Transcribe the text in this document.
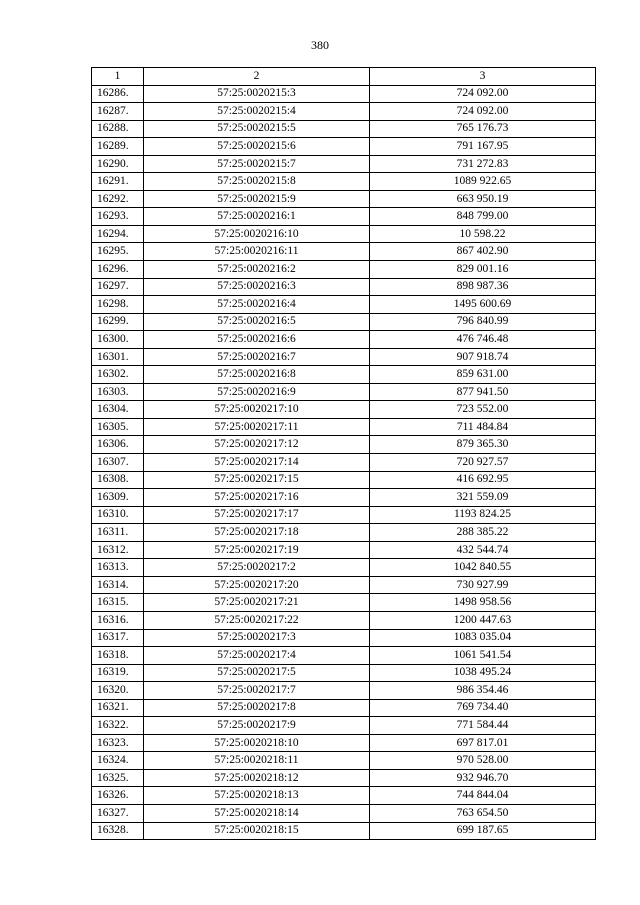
380
1	2	3
16286.	57:25:0020215:3	724 092.00
16287.	57:25:0020215:4	724 092.00
16288.	57:25:0020215:5	765 176.73
16289.	57:25:0020215:6	791 167.95
16290.	57:25:0020215:7	731 272.83
16291.	57:25:0020215:8	1089 922.65
16292.	57:25:0020215:9	663 950.19
16293.	57:25:0020216:1	848 799.00
16294.	57:25:0020216:10	10 598.22
16295.	57:25:0020216:11	867 402.90
16296.	57:25:0020216:2	829 001.16
16297.	57:25:0020216:3	898 987.36
16298.	57:25:0020216:4	1495 600.69
16299.	57:25:0020216:5	796 840.99
16300.	57:25:0020216:6	476 746.48
16301.	57:25:0020216:7	907 918.74
16302.	57:25:0020216:8	859 631.00
16303.	57:25:0020216:9	877 941.50
16304.	57:25:0020217:10	723 552.00
16305.	57:25:0020217:11	711 484.84
16306.	57:25:0020217:12	879 365.30
16307.	57:25:0020217:14	720 927.57
16308.	57:25:0020217:15	416 692.95
16309.	57:25:0020217:16	321 559.09
16310.	57:25:0020217:17	1193 824.25
16311.	57:25:0020217:18	288 385.22
16312.	57:25:0020217:19	432 544.74
16313.	57:25:0020217:2	1042 840.55
16314.	57:25:0020217:20	730 927.99
16315.	57:25:0020217:21	1498 958.56
16316.	57:25:0020217:22	1200 447.63
16317.	57:25:0020217:3	1083 035.04
16318.	57:25:0020217:4	1061 541.54
16319.	57:25:0020217:5	1038 495.24
16320.	57:25:0020217:7	986 354.46
16321.	57:25:0020217:8	769 734.40
16322.	57:25:0020217:9	771 584.44
16323.	57:25:0020218:10	697 817.01
16324.	57:25:0020218:11	970 528.00
16325.	57:25:0020218:12	932 946.70
16326.	57:25:0020218:13	744 844.04
16327.	57:25:0020218:14	763 654.50
16328.	57:25:0020218:15	699 187.65
